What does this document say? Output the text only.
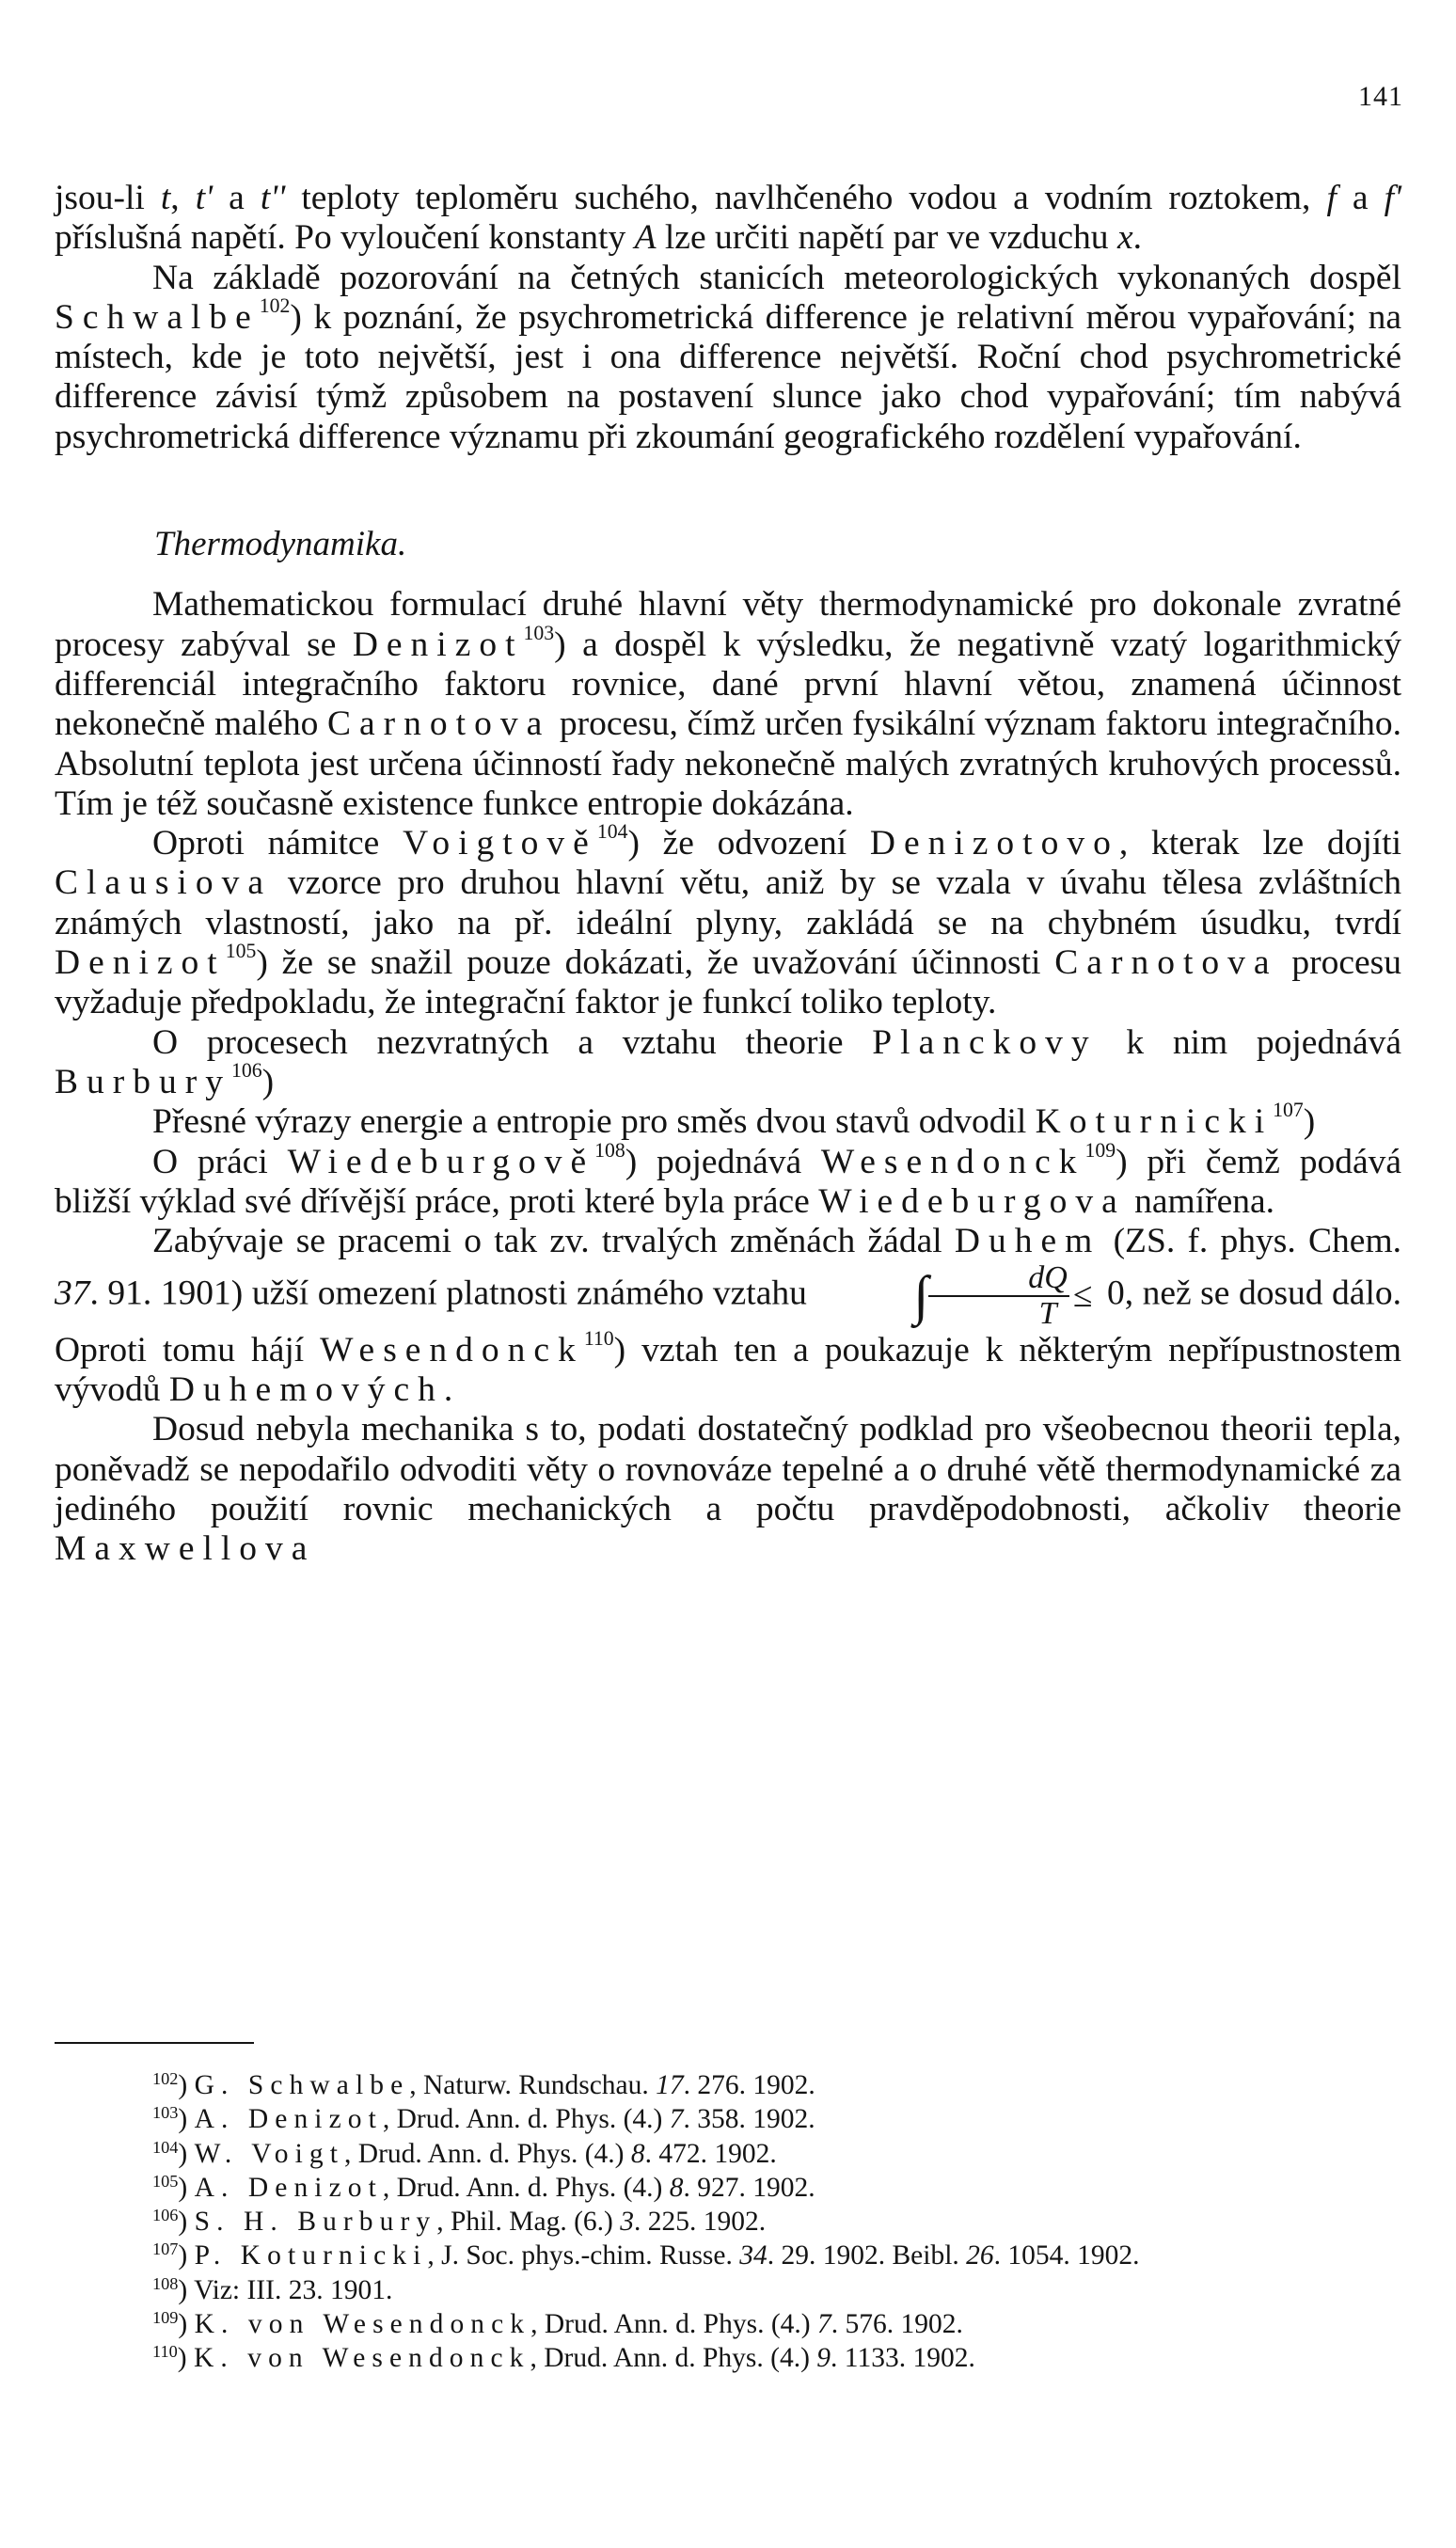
141

jsou-li t, t' a t'' teploty teploměru suchého, navlhčeného vodou a vodním roztokem, f a f' příslušná napětí. Po vyloučení konstanty A lze určiti napětí par ve vzduchu x.

Na základě pozorování na četných stanicích meteorologických vykonaných dospěl Schwalbe$^{102}$) k poznání, že psychrometrická difference je relativní měrou vypařování; na místech, kde je toto největší, jest i ona difference největší. Roční chod psychrometrické difference závisí týmž způsobem na postavení slunce jako chod vypařování; tím nabývá psychrometrická difference významu při zkoumání geografického rozdělení vypařování.

Thermodynamika.

Mathematickou formulací druhé hlavní věty thermodynamické pro dokonale zvratné procesy zabýval se Denizot$^{103}$) a dospěl k výsledku, že negativně vzatý logarithmický differenciál integračního faktoru rovnice, dané první hlavní větou, znamená účinnost nekonečně malého Carnotova procesu, čímž určen fysikální význam faktoru integračního. Absolutní teplota jest určena účinností řady nekonečně malých zvratných kruhových processů. Tím je též současně existence funkce entropie dokázána.

Oproti námitce Voigtově$^{104}$) že odvození Denizotovo, kterak lze dojíti Clausiova vzorce pro druhou hlavní větu, aniž by se vzala v úvahu tělesa zvláštních známých vlastností, jako na př. ideální plyny, zakládá se na chybném úsudku, tvrdí Denizot$^{105}$) že se snažil pouze dokázati, že uvažování účinnosti Carnotova procesu vyžaduje předpokladu, že integrační faktor je funkcí toliko teploty.

O procesech nezvratných a vztahu theorie Planckovy k nim pojednává Burbury$^{106}$)

Přesné výrazy energie a entropie pro směs dvou stavů odvodil Koturnicki$^{107}$)

O práci Wiedeburgově$^{108}$) pojednává Wesendonck$^{109}$) při čemž podává bližší výklad své dřívější práce, proti které byla práce Wiedeburgova namířena.

Zabývaje se pracemi o tak zv. trvalých změnách žádal Duhem (ZS. f. phys. Chem. 37. 91. 1901) užší omezení platnosti známého vztahu ∫ $\frac{dQ}{T} \le 0$, než se dosud dálo. Oproti tomu hájí Wesendonck$^{110}$) vztah ten a poukazuje k některým nepřípustnostem vývodů Duhemových.

Dosud nebyla mechanika s to, podati dostatečný podklad pro všeobecnou theorii tepla, poněvadž se nepodařilo odvoditi věty o rovnováze tepelné a o druhé větě thermodynamické za jediného použití rovnic mechanických a počtu pravděpodobnosti, ačkoliv theorie Maxwellova

$^{102}$) G. Schwalbe, Naturw. Rundschau. 17. 276. 1902.

$^{103}$) A. Denizot, Drud. Ann. d. Phys. (4.) 7. 358. 1902.

$^{104}$) W. Voigt, Drud. Ann. d. Phys. (4.) 8. 472. 1902.

$^{105}$) A. Denizot, Drud. Ann. d. Phys. (4.) 8. 927. 1902.

$^{106}$) S. H. Burbury, Phil. Mag. (6.) 3. 225. 1902.

$^{107}$) P. Koturnicki, J. Soc. phys.-chim. Russe. 34. 29. 1902. Beibl. 26. 1054. 1902.

$^{108}$) Viz: III. 23. 1901.

$^{109}$) K. von Wesendonck, Drud. Ann. d. Phys. (4.) 7. 576. 1902.

$^{110}$) K. von Wesendonck, Drud. Ann. d. Phys. (4.) 9. 1133. 1902.
